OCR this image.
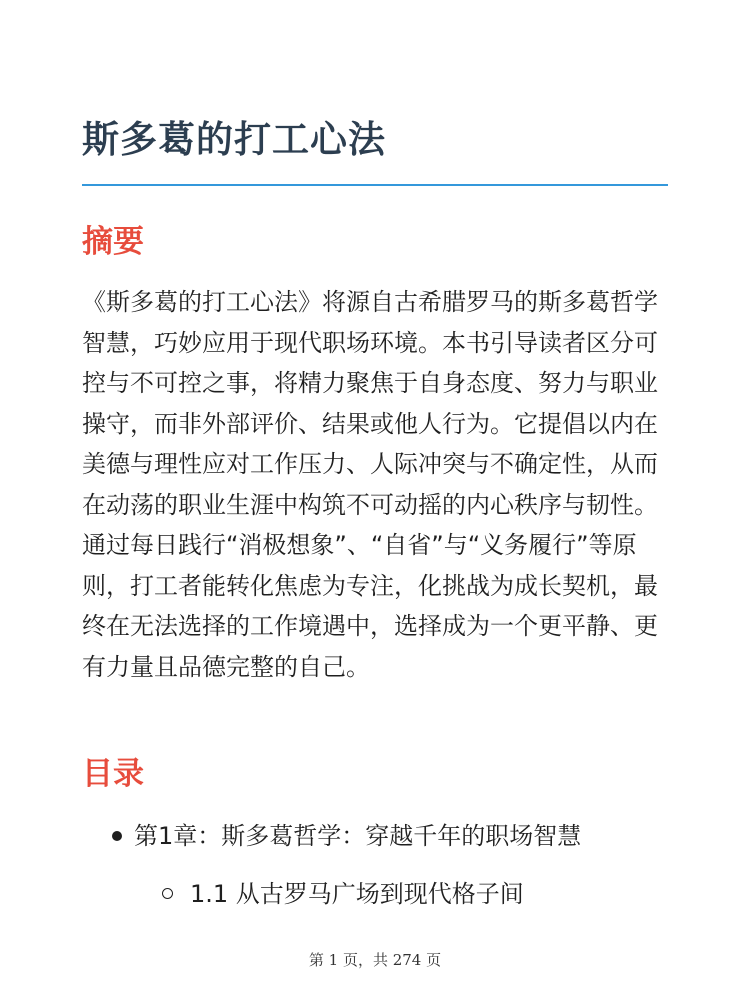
斯多葛的打工心法
摘要

《斯多葛的打工心法》将源自古希腊罗马的斯多葛哲学智慧，巧妙应用于现代职场环境。本书引导读者区分可控与不可控之事，将精力聚焦于自身态度、努力与职业操守，而非外部评价、结果或他人行为。它提倡以内在美德与理性应对工作压力、人际冲突与不确定性，从而在动荡的职业生涯中构筑不可动摇的内心秩序与韧性。通过每日践行“消极想象”、“自省”与“义务履行”等原则，打工者能转化焦虑为专注，化挑战为成长契机，最终在无法选择的工作境遇中，选择成为一个更平静、更有力量且品德完整的自己。

目录
第1章：斯多葛哲学：穿越千年的职场智慧
1.1 从古罗马广场到现代格子间
第 1 页，共 274 页
